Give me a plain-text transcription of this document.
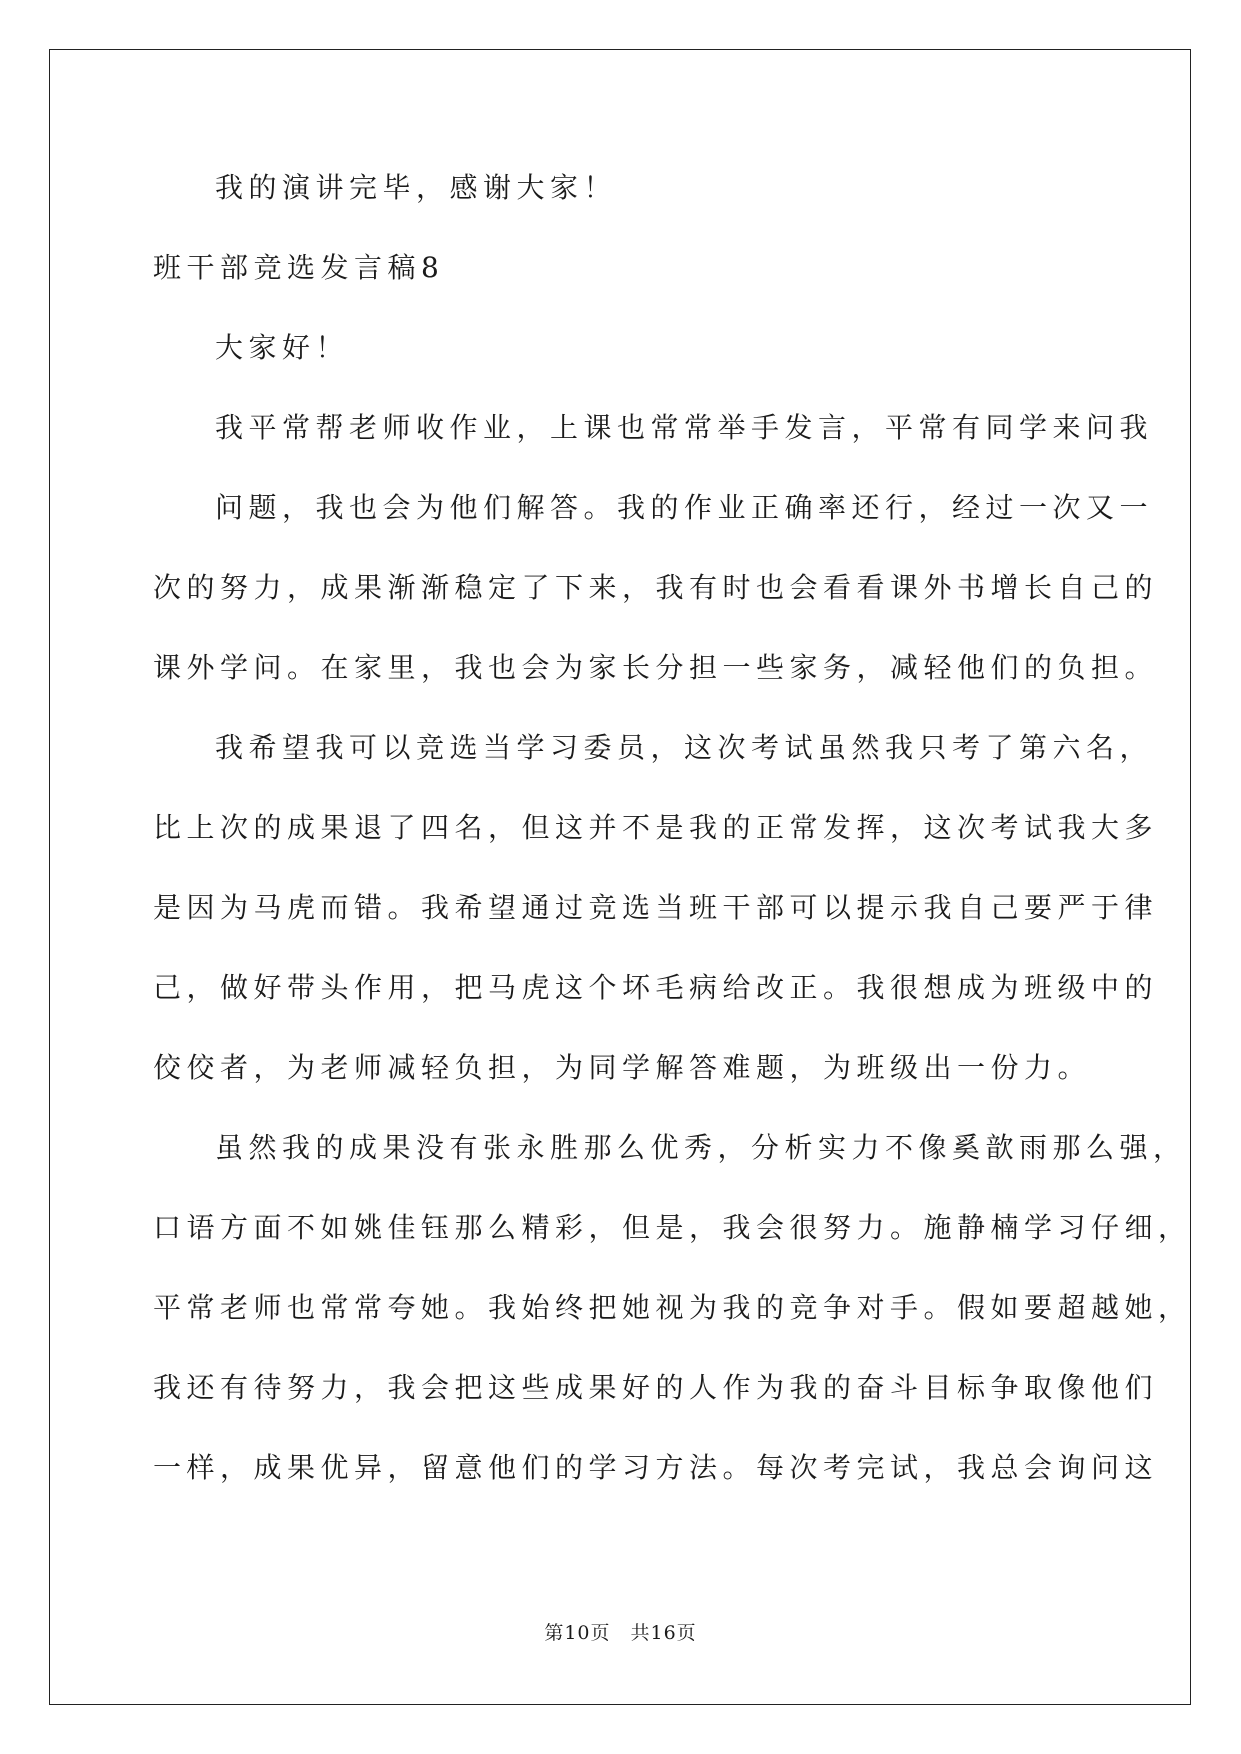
我的演讲完毕，感谢大家！
班干部竞选发言稿8
大家好！
我平常帮老师收作业，上课也常常举手发言，平常有同学来问我
问题，我也会为他们解答。我的作业正确率还行，经过一次又一
次的努力，成果渐渐稳定了下来，我有时也会看看课外书增长自己的
课外学问。在家里，我也会为家长分担一些家务，减轻他们的负担。
我希望我可以竞选当学习委员，这次考试虽然我只考了第六名，
比上次的成果退了四名，但这并不是我的正常发挥，这次考试我大多
是因为马虎而错。我希望通过竞选当班干部可以提示我自己要严于律
己，做好带头作用，把马虎这个坏毛病给改正。我很想成为班级中的
佼佼者，为老师减轻负担，为同学解答难题，为班级出一份力。
虽然我的成果没有张永胜那么优秀，分析实力不像奚歆雨那么强，
口语方面不如姚佳钰那么精彩，但是，我会很努力。施静楠学习仔细，
平常老师也常常夸她。我始终把她视为我的竞争对手。假如要超越她，
我还有待努力，我会把这些成果好的人作为我的奋斗目标争取像他们
一样，成果优异，留意他们的学习方法。每次考完试，我总会询问这
第10页　共16页
